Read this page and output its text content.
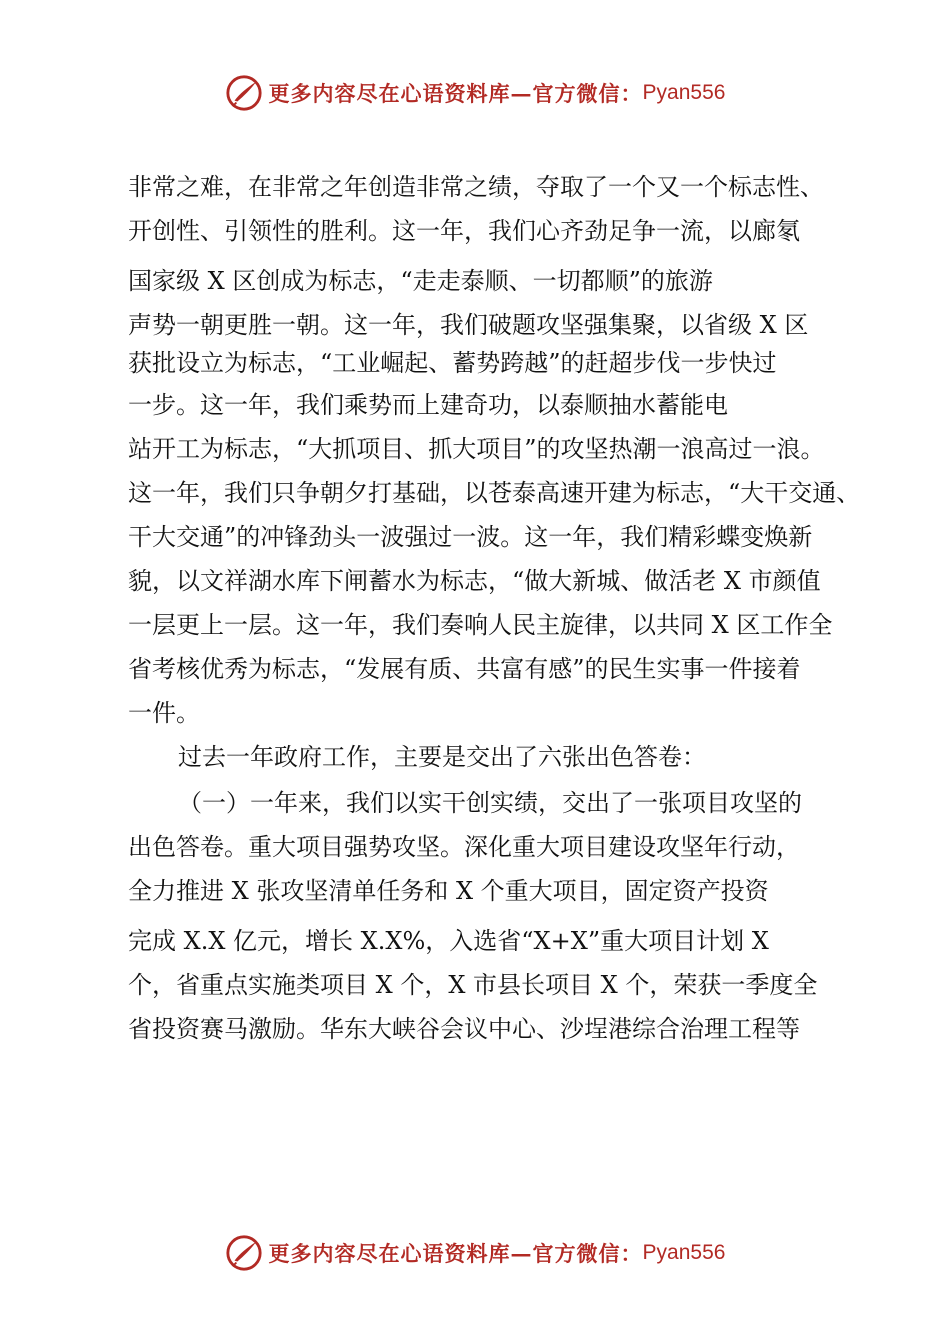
更多内容尽在心语资料库—官方微信： Pyan556
非常之难，在非常之年创造非常之绩，夺取了一个又一个标志性、
开创性、引领性的胜利。这一年，我们心齐劲足争一流，以廊氡
国家级 X 区创成为标志，“走走泰顺、一切都顺”的旅游
声势一朝更胜一朝。这一年，我们破题攻坚强集聚，以省级 X 区
获批设立为标志，“工业崛起、蓄势跨越”的赶超步伐一步快过
一步。这一年，我们乘势而上建奇功，以泰顺抽水蓄能电
站开工为标志，“大抓项目、抓大项目”的攻坚热潮一浪高过一浪。
这一年，我们只争朝夕打基础，以苍泰高速开建为标志，“大干交通、
干大交通”的冲锋劲头一波强过一波。这一年，我们精彩蝶变焕新
貌，以文祥湖水库下闸蓄水为标志，“做大新城、做活老 X 市颜值
一层更上一层。这一年，我们奏响人民主旋律，以共同 X 区工作全
省考核优秀为标志，“发展有质、共富有感”的民生实事一件接着
一件。
过去一年政府工作，主要是交出了六张出色答卷：
（一）一年来，我们以实干创实绩，交出了一张项目攻坚的
出色答卷。重大项目强势攻坚。深化重大项目建设攻坚年行动，
全力推进 X 张攻坚清单任务和 X 个重大项目，固定资产投资
完成 X.X 亿元，增长 X.X%，入选省“X+X”重大项目计划 X
个，省重点实施类项目 X 个，X 市县长项目 X 个，荣获一季度全
省投资赛马激励。华东大峡谷会议中心、沙埕港综合治理工程等
更多内容尽在心语资料库—官方微信： Pyan556
